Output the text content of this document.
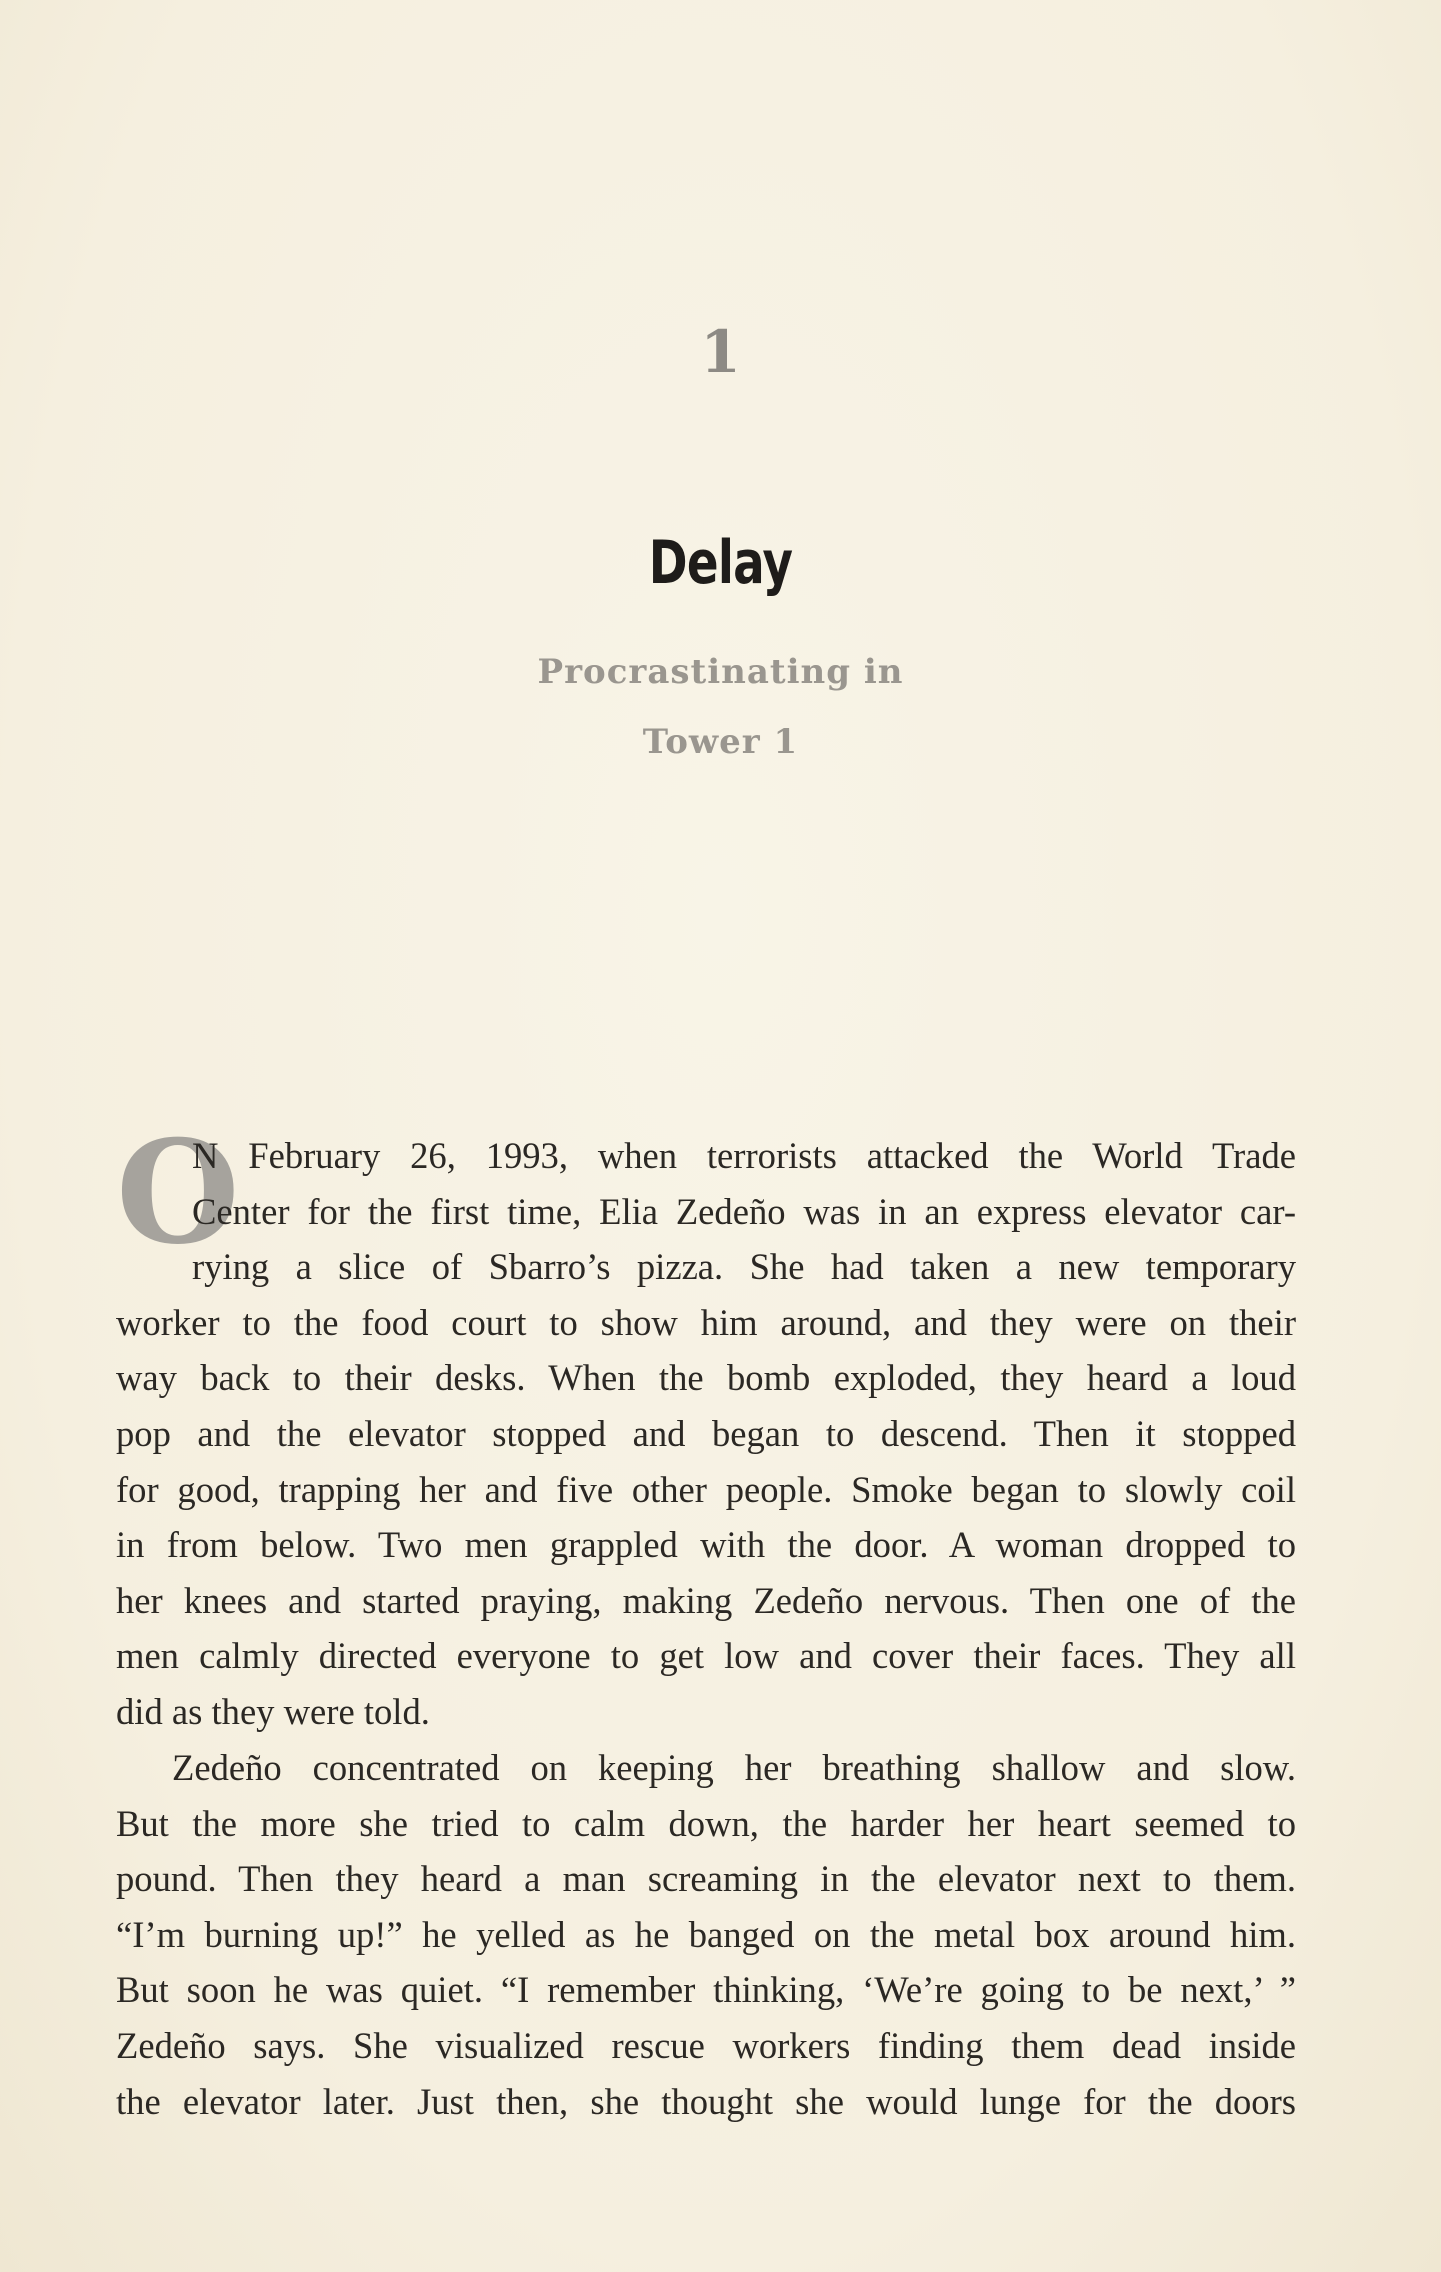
1
Delay
Procrastinating in
Tower 1
O
N February 26, 1993, when terrorists attacked the World Trade
Center for the first time, Elia Zedeño was in an express elevator car-
rying a slice of Sbarro’s pizza. She had taken a new temporary
worker to the food court to show him around, and they were on their
way back to their desks. When the bomb exploded, they heard a loud
pop and the elevator stopped and began to descend. Then it stopped
for good, trapping her and five other people. Smoke began to slowly coil
in from below. Two men grappled with the door. A woman dropped to
her knees and started praying, making Zedeño nervous. Then one of the
men calmly directed everyone to get low and cover their faces. They all
did as they were told.
Zedeño concentrated on keeping her breathing shallow and slow.
But the more she tried to calm down, the harder her heart seemed to
pound. Then they heard a man screaming in the elevator next to them.
“I’m burning up!” he yelled as he banged on the metal box around him.
But soon he was quiet. “I remember thinking, ‘We’re going to be next,’ ”
Zedeño says. She visualized rescue workers finding them dead inside
the elevator later. Just then, she thought she would lunge for the doors
